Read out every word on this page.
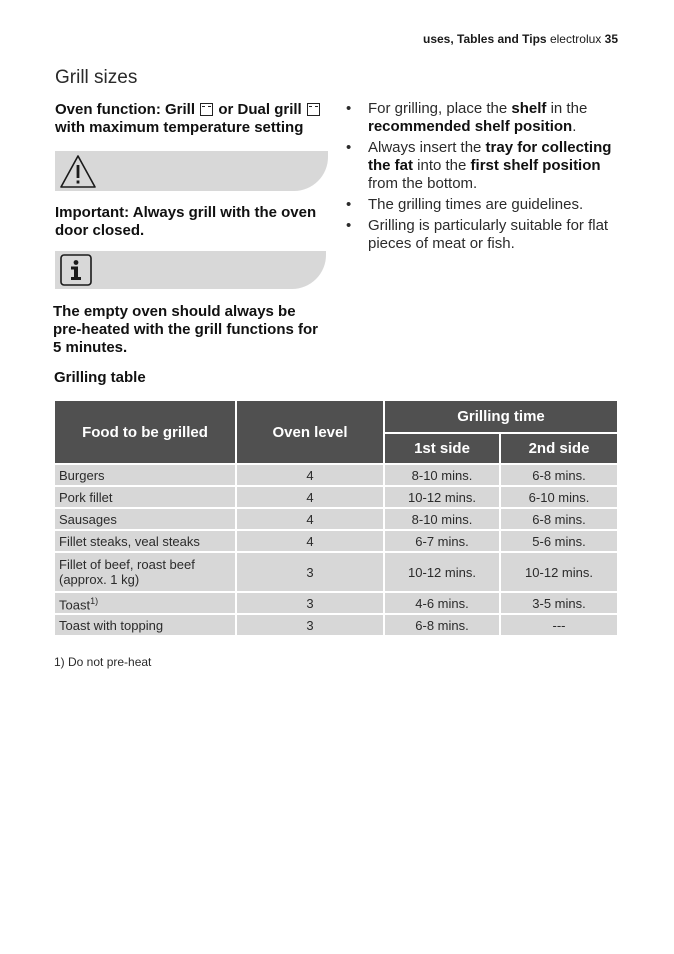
uses, Tables and Tips electrolux 35
Grill sizes
Oven function: Grill or Dual grill  with maximum temperature setting
Important: Always grill with the oven door closed.
The empty oven should always be pre-heated with the grill functions for 5 minutes.
• For grilling, place the shelf in the recommended shelf position.
• Always insert the tray for collecting the fat into the first shelf position from the bottom.
• The grilling times are guidelines.
• Grilling is particularly suitable for flat pieces of meat or fish.
Grilling table
Food to be grilled	Oven level	Grilling time	
		1st side	2nd side
Burgers	4	8-10 mins.	6-8 mins.
Pork fillet	4	10-12 mins.	6-10 mins.
Sausages	4	8-10 mins.	6-8 mins.
Fillet steaks, veal steaks	4	6-7 mins.	5-6 mins.
Fillet of beef, roast beef (approx. 1 kg)	3	10-12 mins.	10-12 mins.
Toast$^{1)}$	3	4-6 mins.	3-5 mins.
Toast with topping	3	6-8 mins.	---
1) Do not pre-heat
